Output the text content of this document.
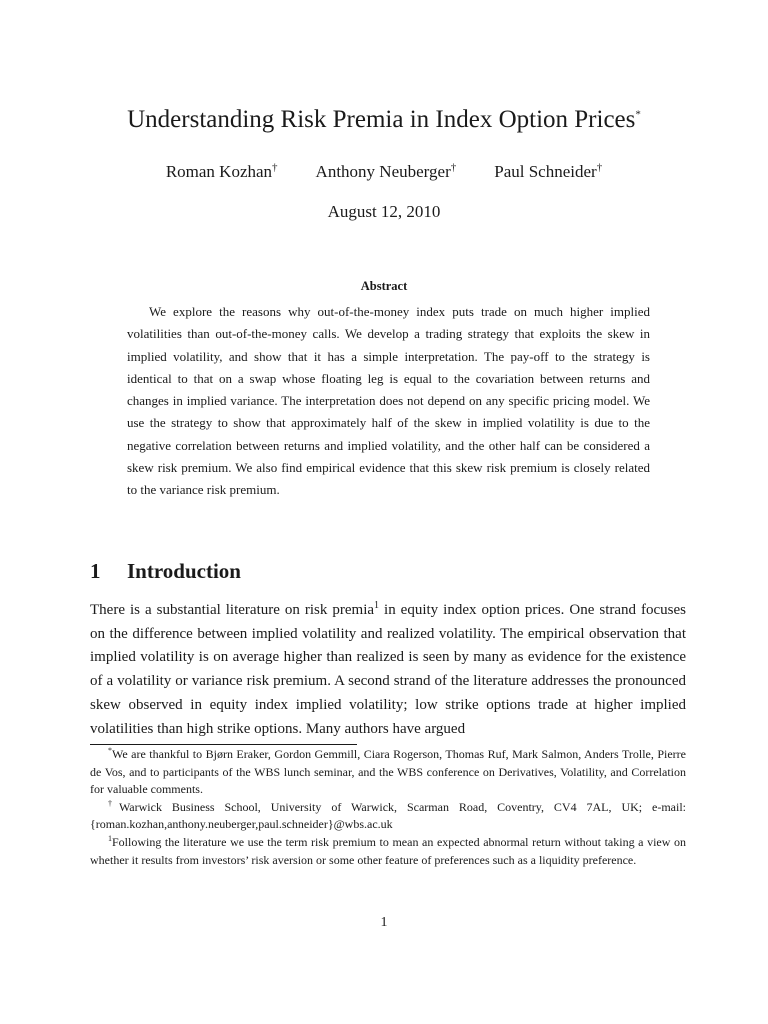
Understanding Risk Premia in Index Option Prices*
Roman Kozhan† Anthony Neuberger† Paul Schneider†
August 12, 2010
Abstract

We explore the reasons why out-of-the-money index puts trade on much higher implied volatilities than out-of-the-money calls. We develop a trading strategy that exploits the skew in implied volatility, and show that it has a simple interpretation. The pay-off to the strategy is identical to that on a swap whose floating leg is equal to the covariation between returns and changes in implied variance. The interpretation does not depend on any specific pricing model. We use the strategy to show that approximately half of the skew in implied volatility is due to the negative correlation between returns and implied volatility, and the other half can be considered a skew risk premium. We also find empirical evidence that this skew risk premium is closely related to the variance risk premium.

1 Introduction

There is a substantial literature on risk premia$^1$ in equity index option prices. One strand focuses on the difference between implied volatility and realized volatility. The empirical observation that implied volatility is on average higher than realized is seen by many as evidence for the existence of a volatility or variance risk premium. A second strand of the literature addresses the pronounced skew observed in equity index implied volatility; low strike options trade at higher implied volatilities than high strike options. Many authors have argued

*We are thankful to Bjørn Eraker, Gordon Gemmill, Ciara Rogerson, Thomas Ruf, Mark Salmon, Anders Trolle, Pierre de Vos, and to participants of the WBS lunch seminar, and the WBS conference on Derivatives, Volatility, and Correlation for valuable comments.

†Warwick Business School, University of Warwick, Scarman Road, Coventry, CV4 7AL, UK; e-mail: {roman.kozhan,anthony.neuberger,paul.schneider}@wbs.ac.uk

$^1$Following the literature we use the term risk premium to mean an expected abnormal return without taking a view on whether it results from investors’ risk aversion or some other feature of preferences such as a liquidity preference.

1
